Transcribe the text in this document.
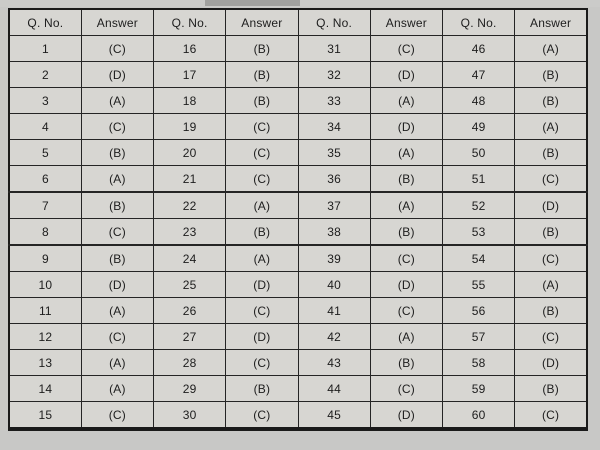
Q. No.	Answer	Q. No.	Answer	Q. No.	Answer	Q. No.	Answer
1	(C)	16	(B)	31	(C)	46	(A)
2	(D)	17	(B)	32	(D)	47	(B)
3	(A)	18	(B)	33	(A)	48	(B)
4	(C)	19	(C)	34	(D)	49	(A)
5	(B)	20	(C)	35	(A)	50	(B)
6	(A)	21	(C)	36	(B)	51	(C)
7	(B)	22	(A)	37	(A)	52	(D)
8	(C)	23	(B)	38	(B)	53	(B)
9	(B)	24	(A)	39	(C)	54	(C)
10	(D)	25	(D)	40	(D)	55	(A)
11	(A)	26	(C)	41	(C)	56	(B)
12	(C)	27	(D)	42	(A)	57	(C)
13	(A)	28	(C)	43	(B)	58	(D)
14	(A)	29	(B)	44	(C)	59	(B)
15	(C)	30	(C)	45	(D)	60	(C)
